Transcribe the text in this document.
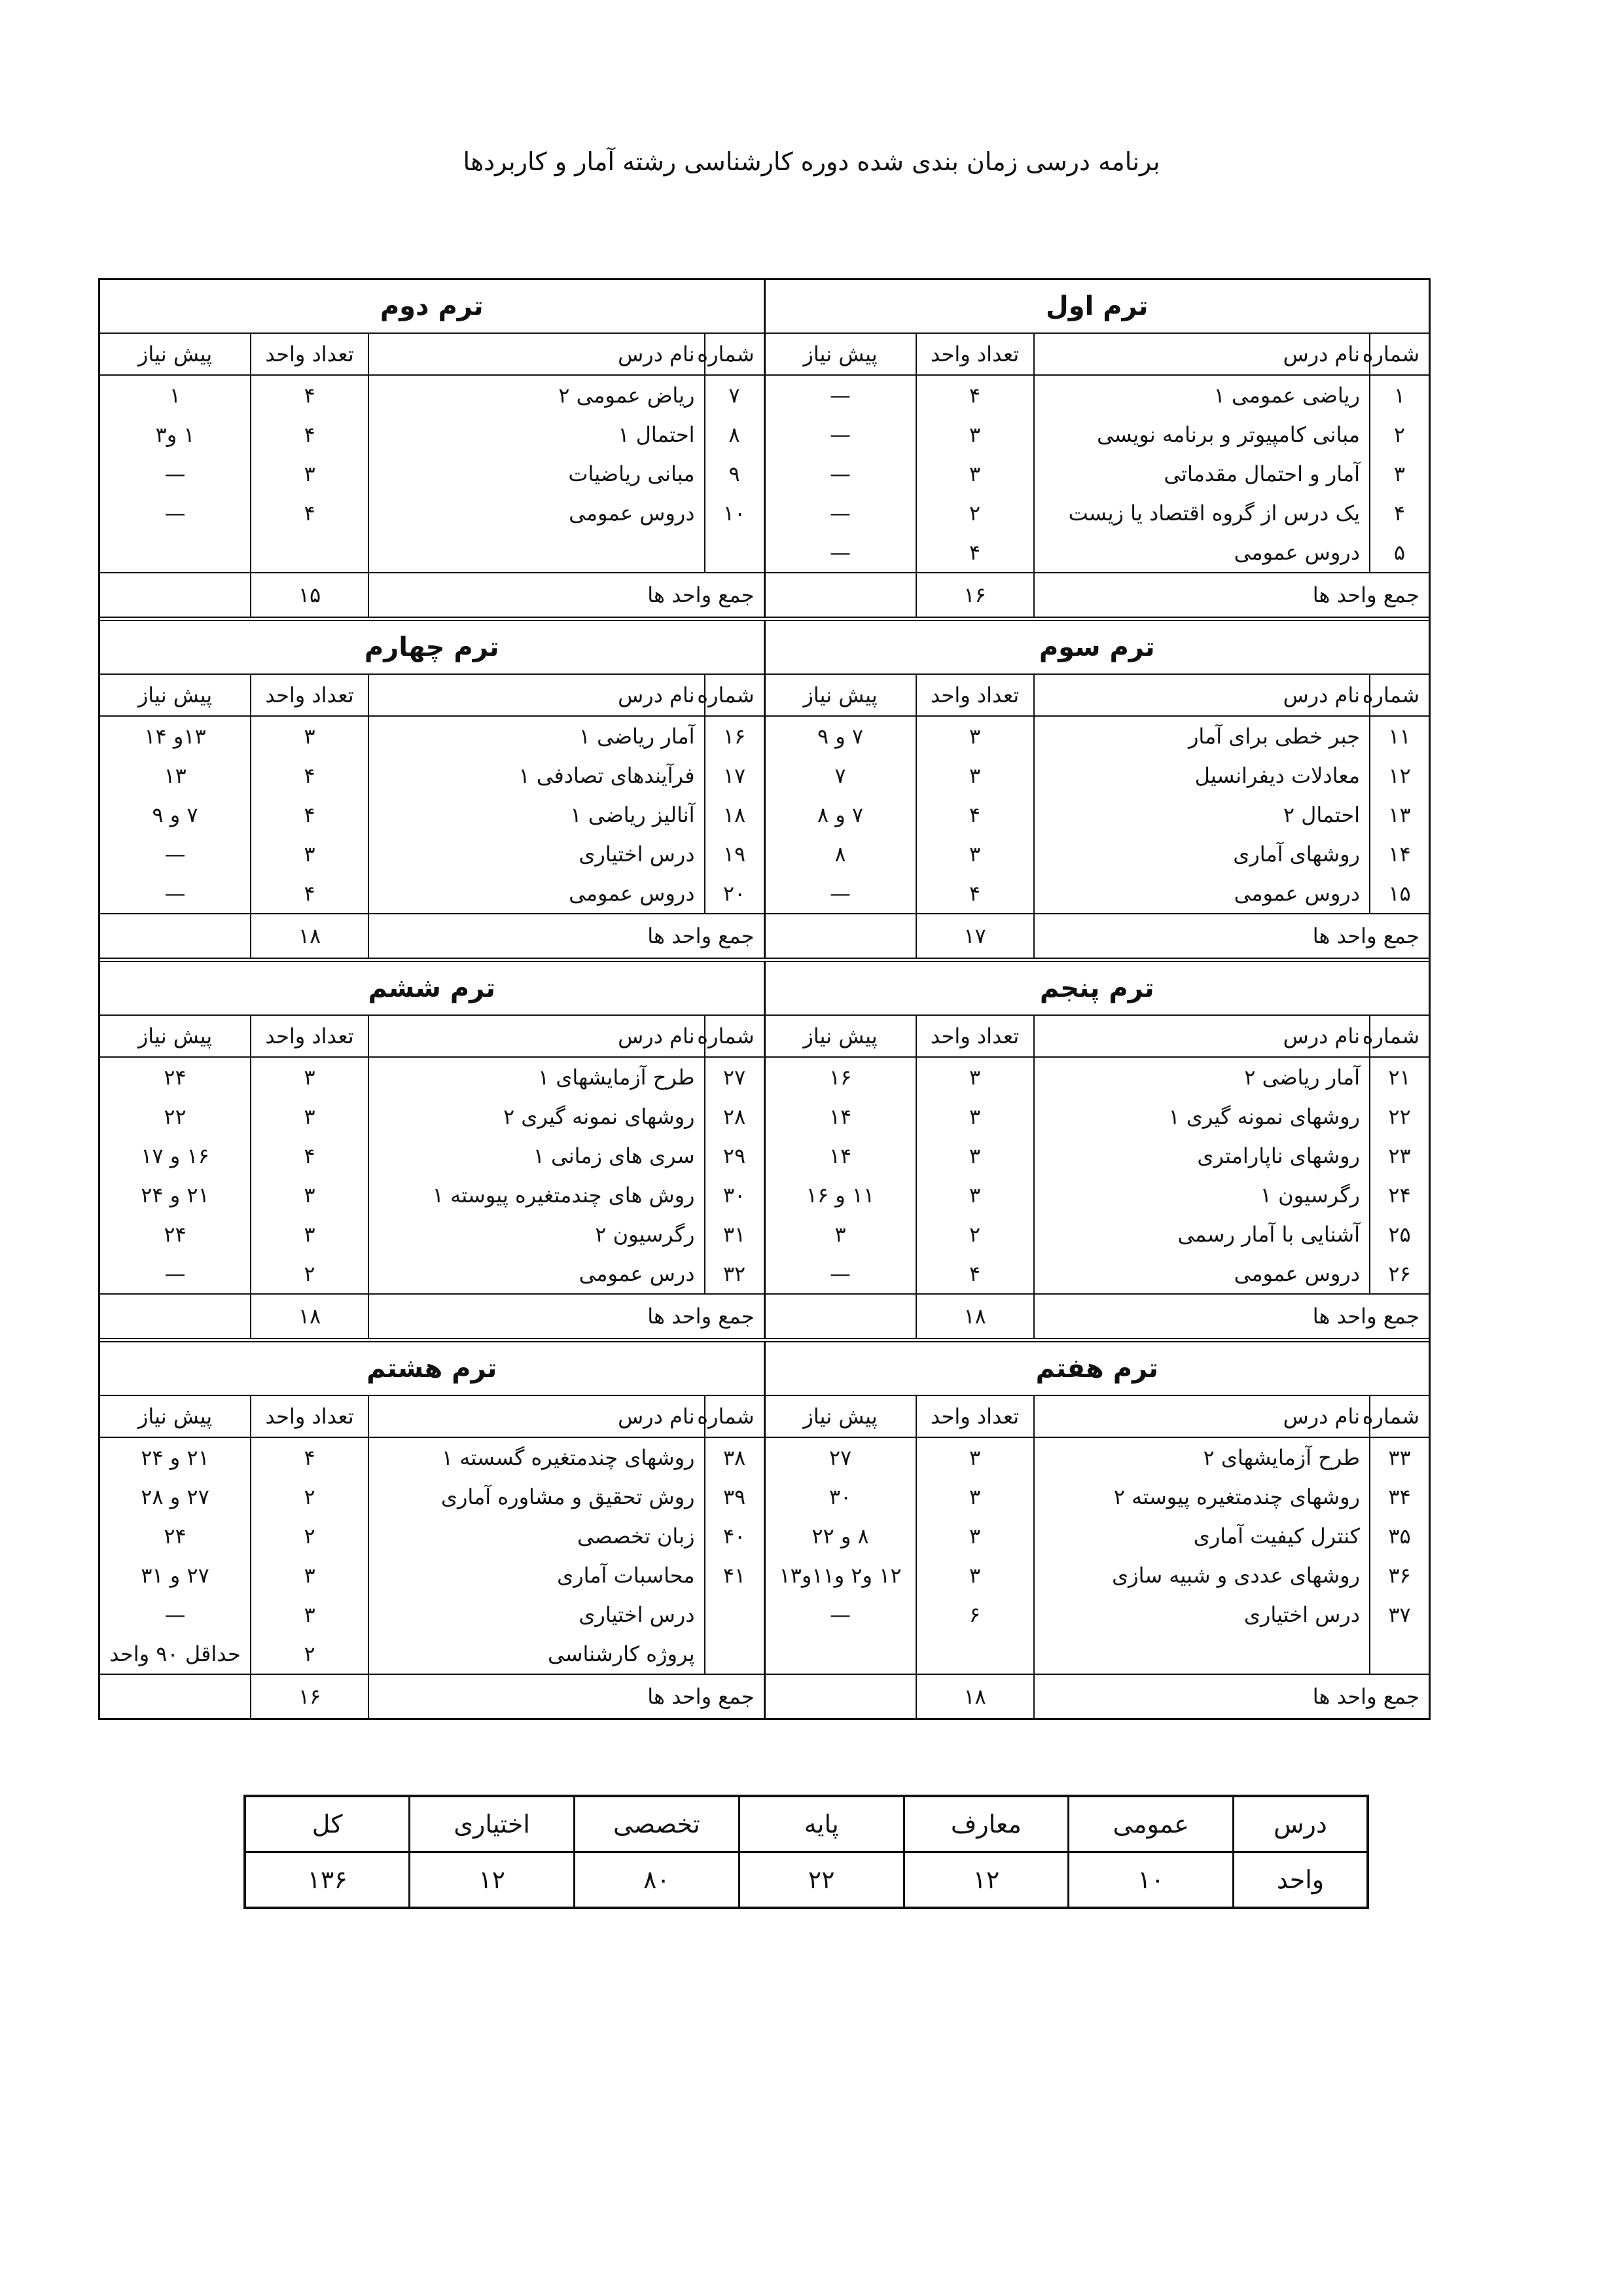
برنامه درسی زمان بندی شده دوره کارشناسی رشته آمار و کاربردها
ترم اول			
شماره	نام درس	تعداد واحد	پیش نیاز
۱	ریاضی عمومی ۱	۴	—
۲	مبانی کامپیوتر و برنامه نویسی	۳	—
۳	آمار و احتمال مقدماتی	۳	—
۴	یک درس از گروه اقتصاد یا زیست	۲	—
۵	دروس عمومی	۴	—
جمع واحد ها		۱۶	
ترم دوم			
شماره	نام درس	تعداد واحد	پیش نیاز
۷	ریاض عمومی ۲	۴	۱
۸	احتمال ۱	۴	۱ و۳
۹	مبانی ریاضیات	۳	—
۱۰	دروس عمومی	۴	—

جمع واحد ها		۱۵	
ترم سوم			
شماره	نام درس	تعداد واحد	پیش نیاز
۱۱	جبر خطی برای آمار	۳	۷ و ۹
۱۲	معادلات دیفرانسیل	۳	۷
۱۳	احتمال ۲	۴	۷ و ۸
۱۴	روشهای آماری	۳	۸
۱۵	دروس عمومی	۴	—
جمع واحد ها		۱۷	
ترم چهارم			
شماره	نام درس	تعداد واحد	پیش نیاز
۱۶	آمار ریاضی ۱	۳	۱۳و ۱۴
۱۷	فرآیندهای تصادفی ۱	۴	۱۳
۱۸	آنالیز ریاضی ۱	۴	۷ و ۹
۱۹	درس اختیاری	۳	—
۲۰	دروس عمومی	۴	—
جمع واحد ها		۱۸	
ترم پنجم			
شماره	نام درس	تعداد واحد	پیش نیاز
۲۱	آمار ریاضی ۲	۳	۱۶
۲۲	روشهای نمونه گیری ۱	۳	۱۴
۲۳	روشهای ناپارامتری	۳	۱۴
۲۴	رگرسیون ۱	۳	۱۱ و ۱۶
۲۵	آشنایی با آمار رسمی	۲	۳
۲۶	دروس عمومی	۴	—
جمع واحد ها		۱۸	
ترم ششم			
شماره	نام درس	تعداد واحد	پیش نیاز
۲۷	طرح آزمایشهای ۱	۳	۲۴
۲۸	روشهای نمونه گیری ۲	۳	۲۲
۲۹	سری های زمانی ۱	۴	۱۶ و ۱۷
۳۰	روش های چندمتغیره پیوسته ۱	۳	۲۱ و ۲۴
۳۱	رگرسیون ۲	۳	۲۴
۳۲	درس عمومی	۲	—
جمع واحد ها		۱۸	
ترم هفتم			
شماره	نام درس	تعداد واحد	پیش نیاز
۳۳	طرح آزمایشهای ۲	۳	۲۷
۳۴	روشهای چندمتغیره پیوسته ۲	۳	۳۰
۳۵	کنترل کیفیت آماری	۳	۸ و ۲۲
۳۶	روشهای عددی و شبیه سازی	۳	۱۲ و۲ و۱۱و۱۳
۳۷	درس اختیاری	۶	—

جمع واحد ها		۱۸	
ترم هشتم			
شماره	نام درس	تعداد واحد	پیش نیاز
۳۸	روشهای چندمتغیره گسسته ۱	۴	۲۱ و ۲۴
۳۹	روش تحقیق و مشاوره آماری	۲	۲۷ و ۲۸
۴۰	زبان تخصصی	۲	۲۴
۴۱	محاسبات آماری	۳	۲۷ و ۳۱
	درس اختیاری	۳	—
	پروژه کارشناسی	۲	حداقل ۹۰ واحد
جمع واحد ها		۱۶	
درس	عمومی	معارف	پایه	تخصصی	اختیاری	کل
واحد	۱۰	۱۲	۲۲	۸۰	۱۲	۱۳۶
